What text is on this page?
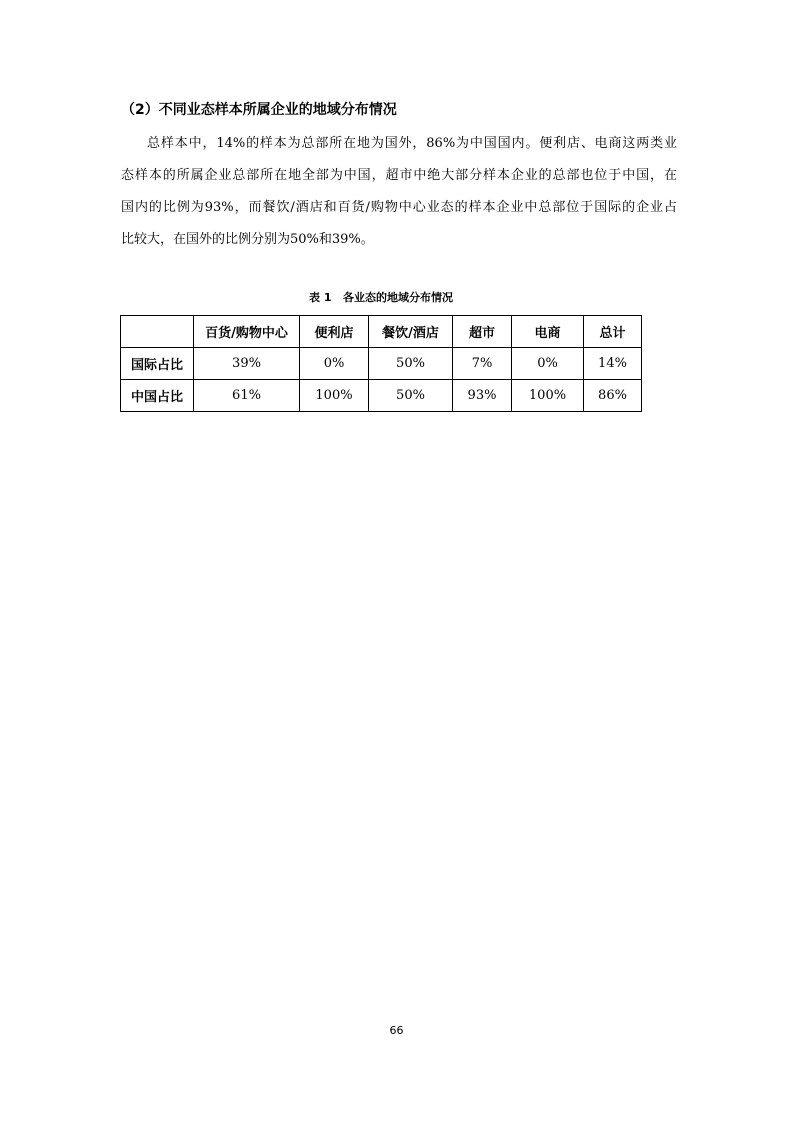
（2）不同业态样本所属企业的地域分布情况
总样本中，14%的样本为总部所在地为国外，86%为中国国内。便利店、电商这两类业
态样本的所属企业总部所在地全部为中国，超市中绝大部分样本企业的总部也位于中国，在
国内的比例为93%，而餐饮/酒店和百货/购物中心业态的样本企业中总部位于国际的企业占
比较大，在国外的比例分别为50%和39%。
表 1   各业态的地域分布情况
	百货/购物中心	便利店	餐饮/酒店	超市	电商	总计
国际占比	39%	0%	50%	7%	0%	14%
中国占比	61%	100%	50%	93%	100%	86%
66
